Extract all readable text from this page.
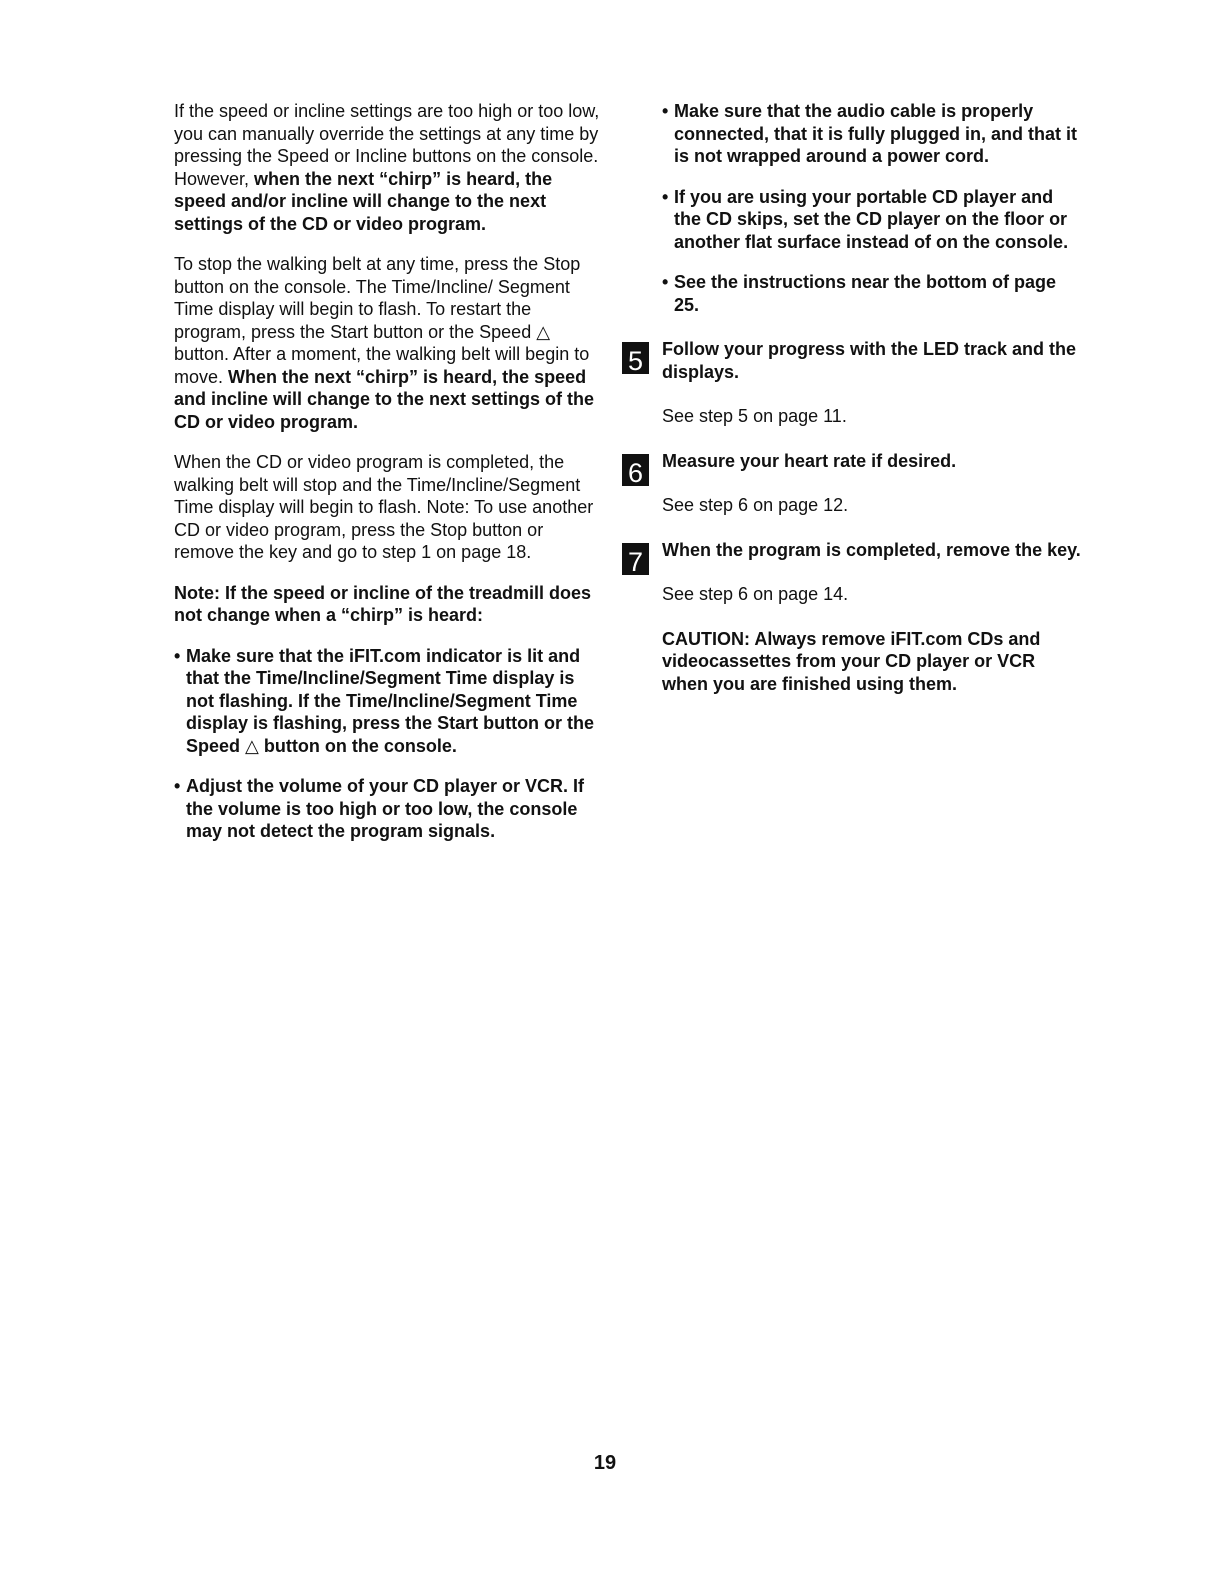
If the speed or incline settings are too high or too low, you can manually override the settings at any time by pressing the Speed or Incline buttons on the console. However, when the next “chirp” is heard, the speed and/or incline will change to the next settings of the CD or video program.

To stop the walking belt at any time, press the Stop button on the console. The Time/Incline/ Segment Time display will begin to flash. To restart the program, press the Start button or the Speed △ button. After a moment, the walking belt will begin to move. When the next “chirp” is heard, the speed and incline will change to the next settings of the CD or video program.

When the CD or video program is completed, the walking belt will stop and the Time/Incline/Segment Time display will begin to flash. Note: To use another CD or video program, press the Stop button or remove the key and go to step 1 on page 18.

Note: If the speed or incline of the treadmill does not change when a “chirp” is heard:

• Make sure that the iFIT.com indicator is lit and that the Time/Incline/Segment Time display is not flashing. If the Time/Incline/Segment Time display is flashing, press the Start button or the Speed △ button on the console.
• Adjust the volume of your CD player or VCR. If the volume is too high or too low, the console may not detect the program signals.
• Make sure that the audio cable is properly connected, that it is fully plugged in, and that it is not wrapped around a power cord.
• If you are using your portable CD player and the CD skips, set the CD player on the floor or another flat surface instead of on the console.
• See the instructions near the bottom of page 25.
5	Follow your progress with the LED track and the displays.

See step 5 on page 11.

6	Measure your heart rate if desired.

See step 6 on page 12.

7	When the program is completed, remove the key.

See step 6 on page 14.

CAUTION: Always remove iFIT.com CDs and videocassettes from your CD player or VCR when you are finished using them.

19
